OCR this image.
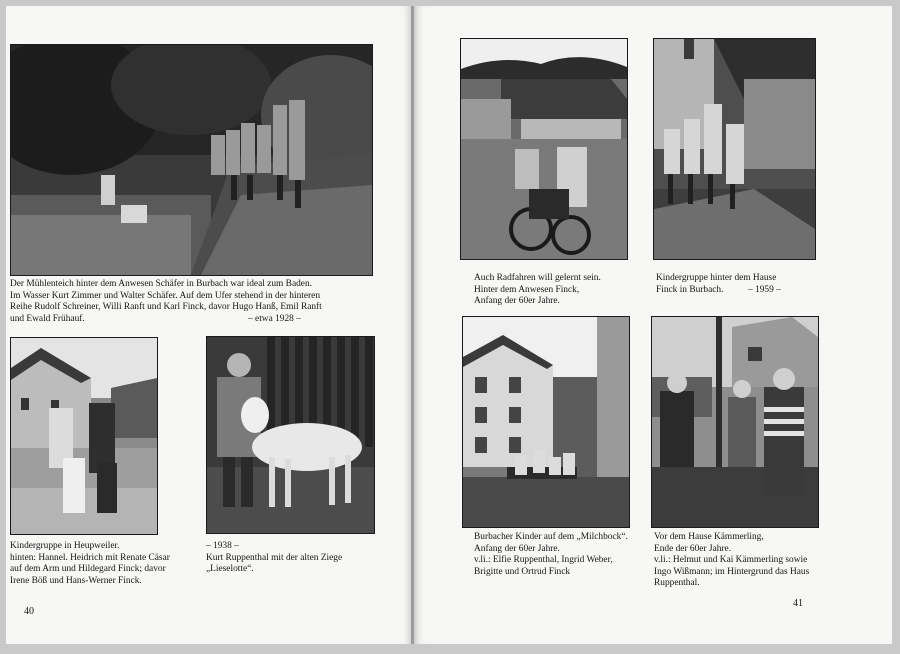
Der Mühlenteich hinter dem Anwesen Schäfer in Burbach war ideal zum Baden.
Im Wasser Kurt Zimmer und Walter Schäfer. Auf dem Ufer stehend in der hinteren
Reihe Rudolf Schreiner, Willi Ranft und Karl Finck, davor Hugo Hanß, Emil Ranft
und Ewald Frühauf.	– etwa 1928 –
Kindergruppe in Heupweiler.
hinten: Hannel. Heidrich mit Renate Cäsar
auf dem Arm und Hildegard Finck; davor
Irene Böß und Hans-Werner Finck.
– 1938 –
Kurt Ruppenthal mit der alten Ziege
„Lieselotte“.
40
Auch Radfahren will gelernt sein.
Hinter dem Anwesen Finck,
Anfang der 60er Jahre.
Kindergruppe hinter dem Hause
Finck in Burbach.	– 1959 –
Burbacher Kinder auf dem „Milchbock“.
Anfang der 60er Jahre.
v.li.: Elfie Ruppenthal, Ingrid Weber,
Brigitte und Ortrud Finck
Vor dem Hause Kämmerling,
Ende der 60er Jahre.
v.li.: Helmut und Kai Kämmerling sowie
Ingo Wißmann; im Hintergrund das Haus
Ruppenthal.
41
